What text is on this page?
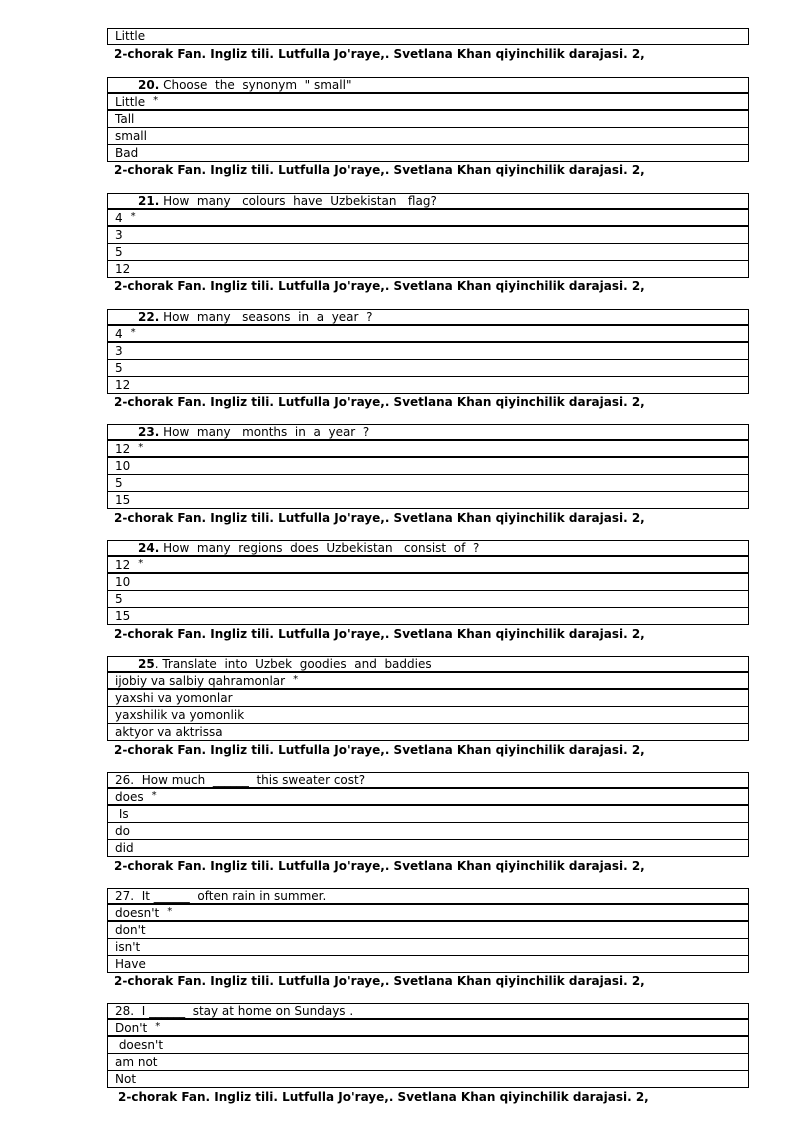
Little
2-chorak Fan. Ingliz tili. Lutfulla Jo'raye,. Svetlana Khan qiyinchilik darajasi. 2,
20. Choose  the  synonym  " small"
Little *
Tall
small
Bad
2-chorak Fan. Ingliz tili. Lutfulla Jo'raye,. Svetlana Khan qiyinchilik darajasi. 2,
21. How  many   colours  have  Uzbekistan   flag?
4 *
3
5
12
2-chorak Fan. Ingliz tili. Lutfulla Jo'raye,. Svetlana Khan qiyinchilik darajasi. 2,
22. How  many   seasons  in  a  year  ?
4 *
3
5
12
2-chorak Fan. Ingliz tili. Lutfulla Jo'raye,. Svetlana Khan qiyinchilik darajasi. 2,
23. How  many   months  in  a  year  ?
12 *
10
5
15
2-chorak Fan. Ingliz tili. Lutfulla Jo'raye,. Svetlana Khan qiyinchilik darajasi. 2,
24. How  many  regions  does  Uzbekistan   consist  of  ?
12 *
10
5
15
2-chorak Fan. Ingliz tili. Lutfulla Jo'raye,. Svetlana Khan qiyinchilik darajasi. 2,
25. Translate  into  Uzbek  goodies  and  baddies
ijobiy va salbiy qahramonlar *
yaxshi va yomonlar
yaxshilik va yomonlik
aktyor va aktrissa
2-chorak Fan. Ingliz tili. Lutfulla Jo'raye,. Svetlana Khan qiyinchilik darajasi. 2,
26.  How much  ______  this sweater cost?
does *
Is
do
did
2-chorak Fan. Ingliz tili. Lutfulla Jo'raye,. Svetlana Khan qiyinchilik darajasi. 2,
27.  It ______  often rain in summer.
doesn't *
don't
isn't
Have
2-chorak Fan. Ingliz tili. Lutfulla Jo'raye,. Svetlana Khan qiyinchilik darajasi. 2,
28.  I ______  stay at home on Sundays .
Don't *
doesn't
am not
Not
2-chorak Fan. Ingliz tili. Lutfulla Jo'raye,. Svetlana Khan qiyinchilik darajasi. 2,
